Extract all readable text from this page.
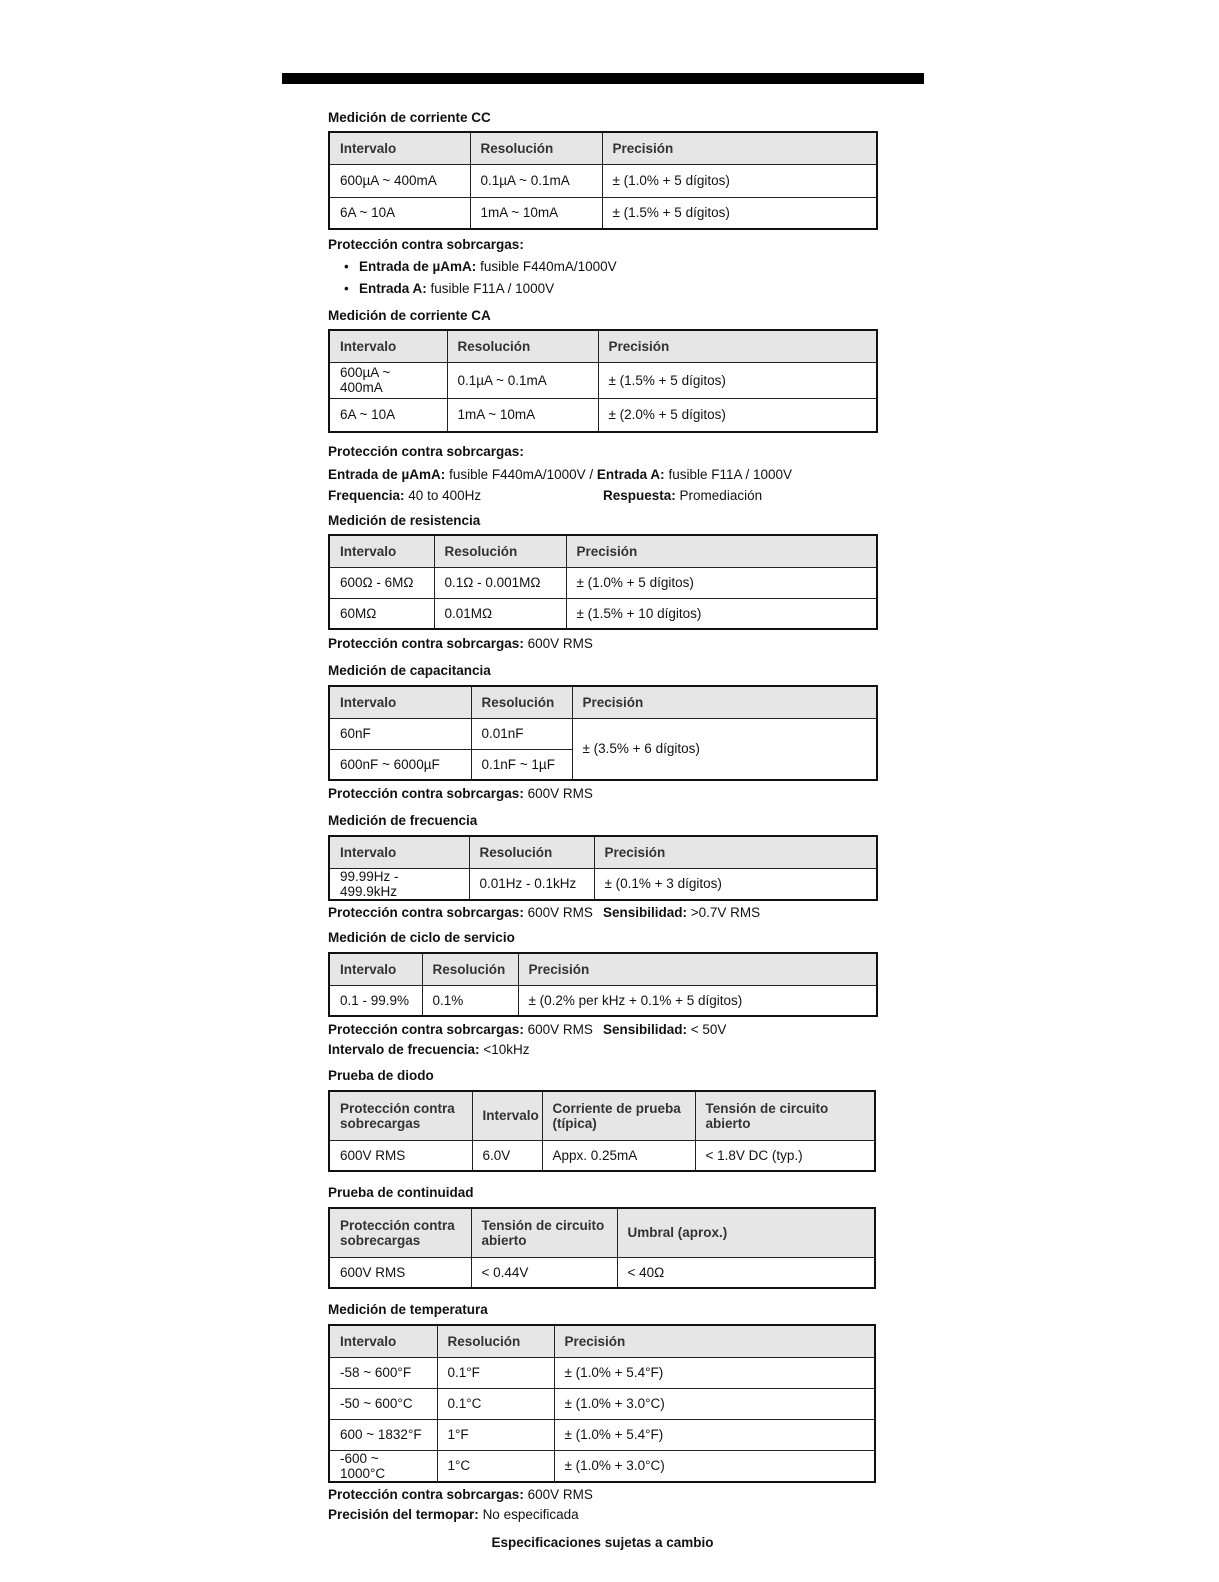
Medición de corriente CC
Intervalo	Resolución	Precisión
600µA ~ 400mA	0.1µA ~ 0.1mA	± (1.0% + 5 dígitos)
6A ~ 10A	1mA ~ 10mA	± (1.5% + 5 dígitos)
Protección contra sobrcargas:
• Entrada de µAmA: fusible F440mA/1000V
• Entrada A: fusible F11A / 1000V
Medición de corriente CA
Intervalo	Resolución	Precisión
600µA ~ 400mA	0.1µA ~ 0.1mA	± (1.5% + 5 dígitos)
6A ~ 10A	1mA ~ 10mA	± (2.0% + 5 dígitos)
Protección contra sobrcargas:
Entrada de µAmA: fusible F440mA/1000V / Entrada A: fusible F11A / 1000V
Frequencia: 40 to 400Hz	Respuesta: Promediación
Medición de resistencia
Intervalo	Resolución	Precisión
600Ω - 6MΩ	0.1Ω - 0.001MΩ	± (1.0% + 5 dígitos)
60MΩ	0.01MΩ	± (1.5% + 10 dígitos)
Protección contra sobrcargas: 600V RMS
Medición de capacitancia
Intervalo	Resolución	Precisión
60nF	0.01nF	± (3.5% + 6 dígitos)
600nF ~ 6000µF	0.1nF ~ 1µF	
Protección contra sobrcargas: 600V RMS
Medición de frecuencia
Intervalo	Resolución	Precisión
99.99Hz - 499.9kHz	0.01Hz - 0.1kHz	± (0.1% + 3 dígitos)
Protección contra sobrcargas: 600V RMS Sensibilidad: >0.7V RMS
Medición de ciclo de servicio
Intervalo	Resolución	Precisión
0.1 - 99.9%	0.1%	± (0.2% per kHz + 0.1% + 5 dígitos)
Protección contra sobrcargas: 600V RMS Sensibilidad: < 50V
Intervalo de frecuencia: <10kHz
Prueba de diodo
Protección contra sobrecargas	Intervalo	Corriente de prueba (típica)	Tensión de circuito abierto
600V RMS	6.0V	Appx. 0.25mA	< 1.8V DC (typ.)
Prueba de continuidad
Protección contra sobrecargas	Tensión de circuito abierto	Umbral (aprox.)
600V RMS	< 0.44V	< 40Ω
Medición de temperatura
Intervalo	Resolución	Precisión
-58 ~ 600°F	0.1°F	± (1.0% + 5.4°F)
-50 ~ 600°C	0.1°C	± (1.0% + 3.0°C)
600 ~ 1832°F	1°F	± (1.0% + 5.4°F)
-600 ~ 1000°C	1°C	± (1.0% + 3.0°C)
Protección contra sobrcargas: 600V RMS
Precisión del termopar: No especificada
Especificaciones sujetas a cambio
